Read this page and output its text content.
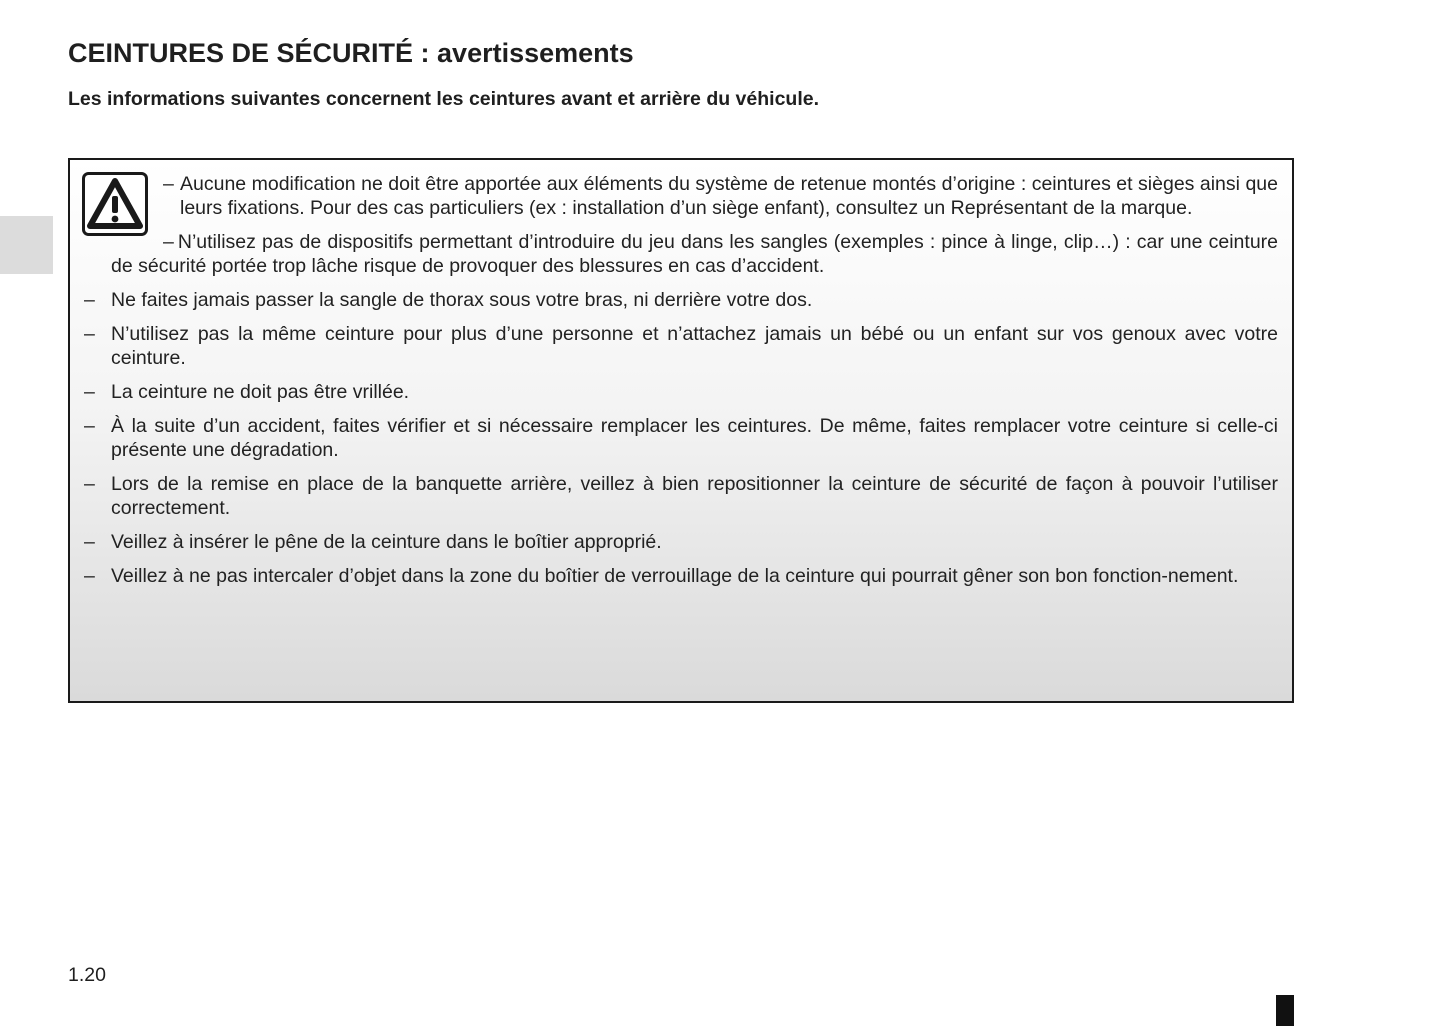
CEINTURES DE SÉCURITÉ : avertissements

Les informations suivantes concernent les ceintures avant et arrière du véhicule.

– Aucune modification ne doit être apportée aux éléments du système de retenue montés d’origine : ceintures et sièges ainsi que leurs fixations. Pour des cas particuliers (ex : installation d’un siège enfant), consultez un Représentant de la marque.
– N’utilisez pas de dispositifs permettant d’introduire du jeu dans les sangles (exemples : pince à linge, clip…) : car une ceinture de sécurité portée trop lâche risque de provoquer des blessures en cas d’accident.
– Ne faites jamais passer la sangle de thorax sous votre bras, ni derrière votre dos.
– N’utilisez pas la même ceinture pour plus d’une personne et n’attachez jamais un bébé ou un enfant sur vos genoux avec votre ceinture.
– La ceinture ne doit pas être vrillée.
– À la suite d’un accident, faites vérifier et si nécessaire remplacer les ceintures. De même, faites remplacer votre ceinture si celle-ci présente une dégradation.
– Lors de la remise en place de la banquette arrière, veillez à bien repositionner la ceinture de sécurité de façon à pouvoir l’utiliser correctement.
– Veillez à insérer le pêne de la ceinture dans le boîtier approprié.
– Veillez à ne pas intercaler d’objet dans la zone du boîtier de verrouillage de la ceinture qui pourrait gêner son bon fonction-nement.

1.20
